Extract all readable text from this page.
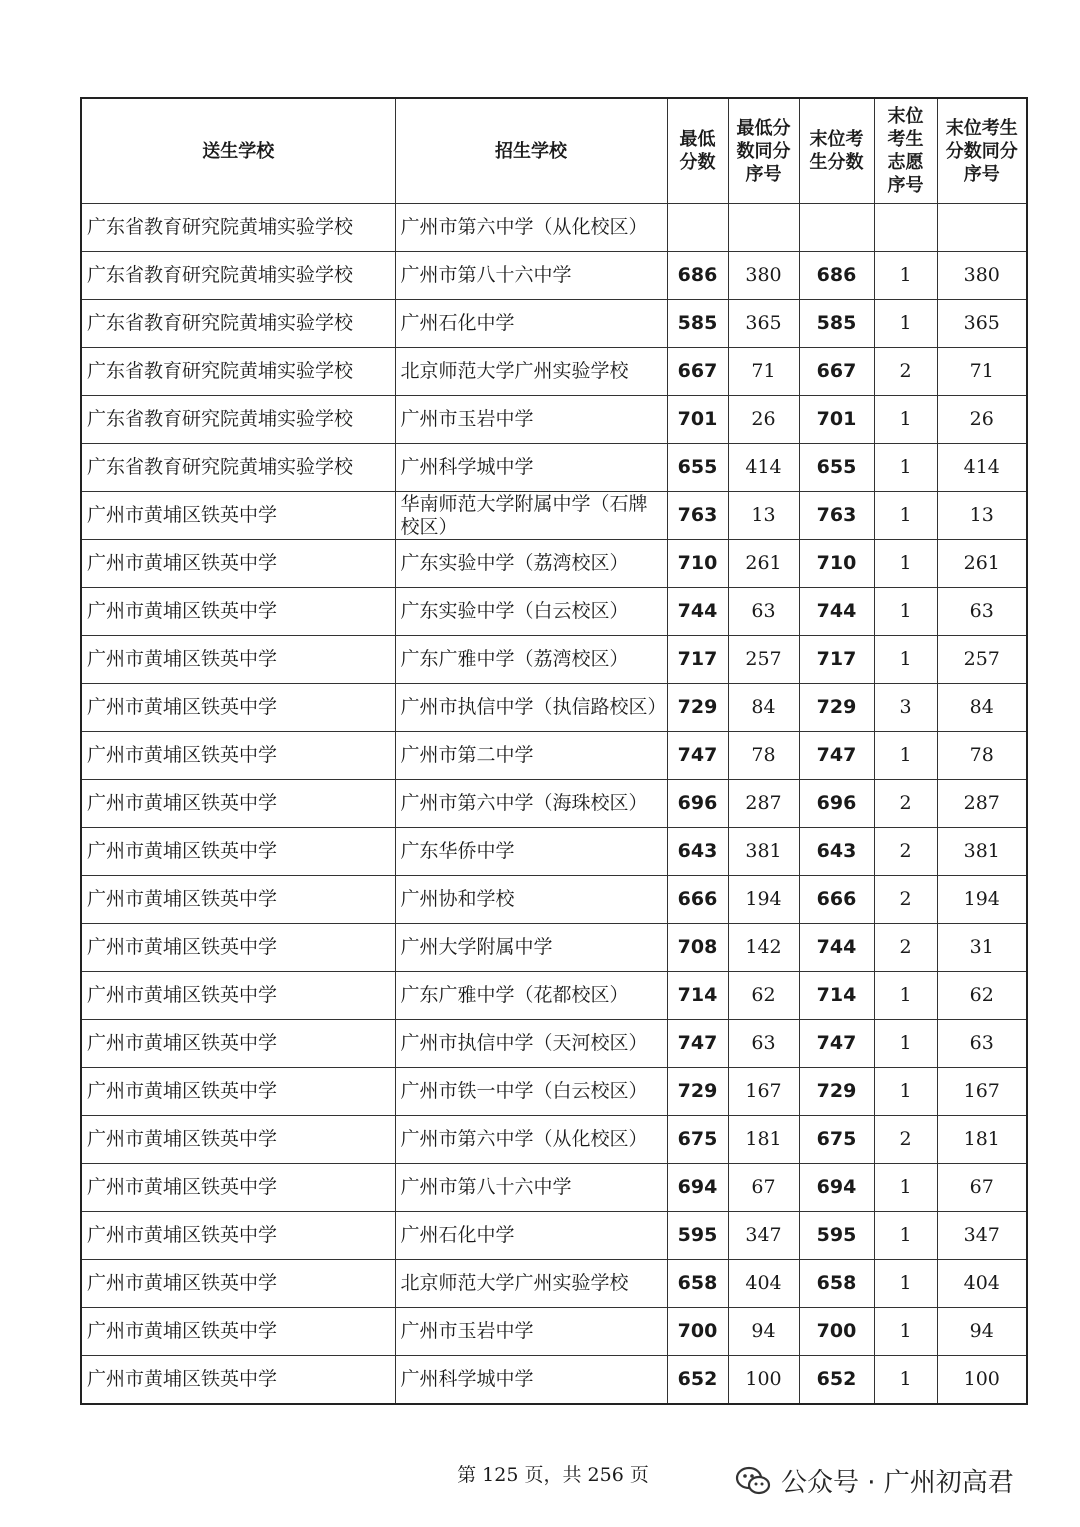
送生学校	招生学校	最低分数	最低分数同分序号	末位考生分数	末位考生志愿序号	末位考生分数同分序号
广东省教育研究院黄埔实验学校	广州市第六中学（从化校区）					
广东省教育研究院黄埔实验学校	广州市第八十六中学	686	380	686	1	380
广东省教育研究院黄埔实验学校	广州石化中学	585	365	585	1	365
广东省教育研究院黄埔实验学校	北京师范大学广州实验学校	667	71	667	2	71
广东省教育研究院黄埔实验学校	广州市玉岩中学	701	26	701	1	26
广东省教育研究院黄埔实验学校	广州科学城中学	655	414	655	1	414
广州市黄埔区铁英中学	华南师范大学附属中学（石牌校区）	763	13	763	1	13
广州市黄埔区铁英中学	广东实验中学（荔湾校区）	710	261	710	1	261
广州市黄埔区铁英中学	广东实验中学（白云校区）	744	63	744	1	63
广州市黄埔区铁英中学	广东广雅中学（荔湾校区）	717	257	717	1	257
广州市黄埔区铁英中学	广州市执信中学（执信路校区）	729	84	729	3	84
广州市黄埔区铁英中学	广州市第二中学	747	78	747	1	78
广州市黄埔区铁英中学	广州市第六中学（海珠校区）	696	287	696	2	287
广州市黄埔区铁英中学	广东华侨中学	643	381	643	2	381
广州市黄埔区铁英中学	广州协和学校	666	194	666	2	194
广州市黄埔区铁英中学	广州大学附属中学	708	142	744	2	31
广州市黄埔区铁英中学	广东广雅中学（花都校区）	714	62	714	1	62
广州市黄埔区铁英中学	广州市执信中学（天河校区）	747	63	747	1	63
广州市黄埔区铁英中学	广州市铁一中学（白云校区）	729	167	729	1	167
广州市黄埔区铁英中学	广州市第六中学（从化校区）	675	181	675	2	181
广州市黄埔区铁英中学	广州市第八十六中学	694	67	694	1	67
广州市黄埔区铁英中学	广州石化中学	595	347	595	1	347
广州市黄埔区铁英中学	北京师范大学广州实验学校	658	404	658	1	404
广州市黄埔区铁英中学	广州市玉岩中学	700	94	700	1	94
广州市黄埔区铁英中学	广州科学城中学	652	100	652	1	100
第 125 页，共 256 页	公众号 · 广州初高君
